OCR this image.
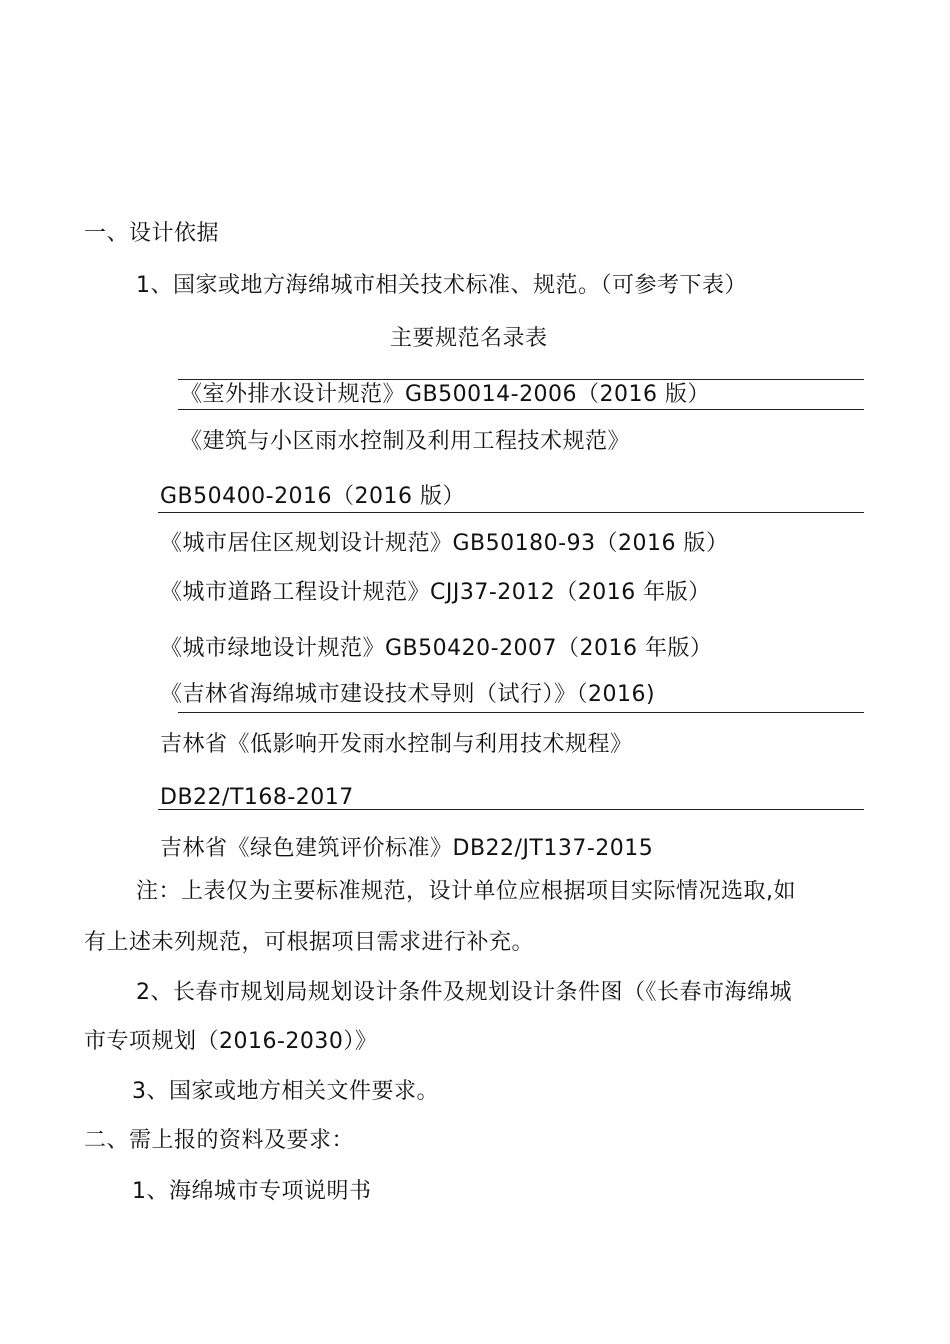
一、设计依据

1、国家或地方海绵城市相关技术标准、规范。（可参考下表）

主要规范名录表

《室外排水设计规范》GB50014-2006（2016 版）

《建筑与小区雨水控制及利用工程技术规范》

GB50400-2016（2016 版）

《城市居住区规划设计规范》GB50180-93（2016 版）

《城市道路工程设计规范》CJJ37-2012（2016 年版）

《城市绿地设计规范》GB50420-2007（2016 年版）

《吉林省海绵城市建设技术导则（试行）》（2016)

吉林省《低影响开发雨水控制与利用技术规程》

DB22/T168-2017

吉林省《绿色建筑评价标准》DB22/JT137-2015

注：上表仅为主要标准规范，设计单位应根据项目实际情况选取,如

有上述未列规范，可根据项目需求进行补充。

2、长春市规划局规划设计条件及规划设计条件图（《长春市海绵城

市专项规划（2016-2030）》

3、国家或地方相关文件要求。

二、需上报的资料及要求：

1、海绵城市专项说明书
